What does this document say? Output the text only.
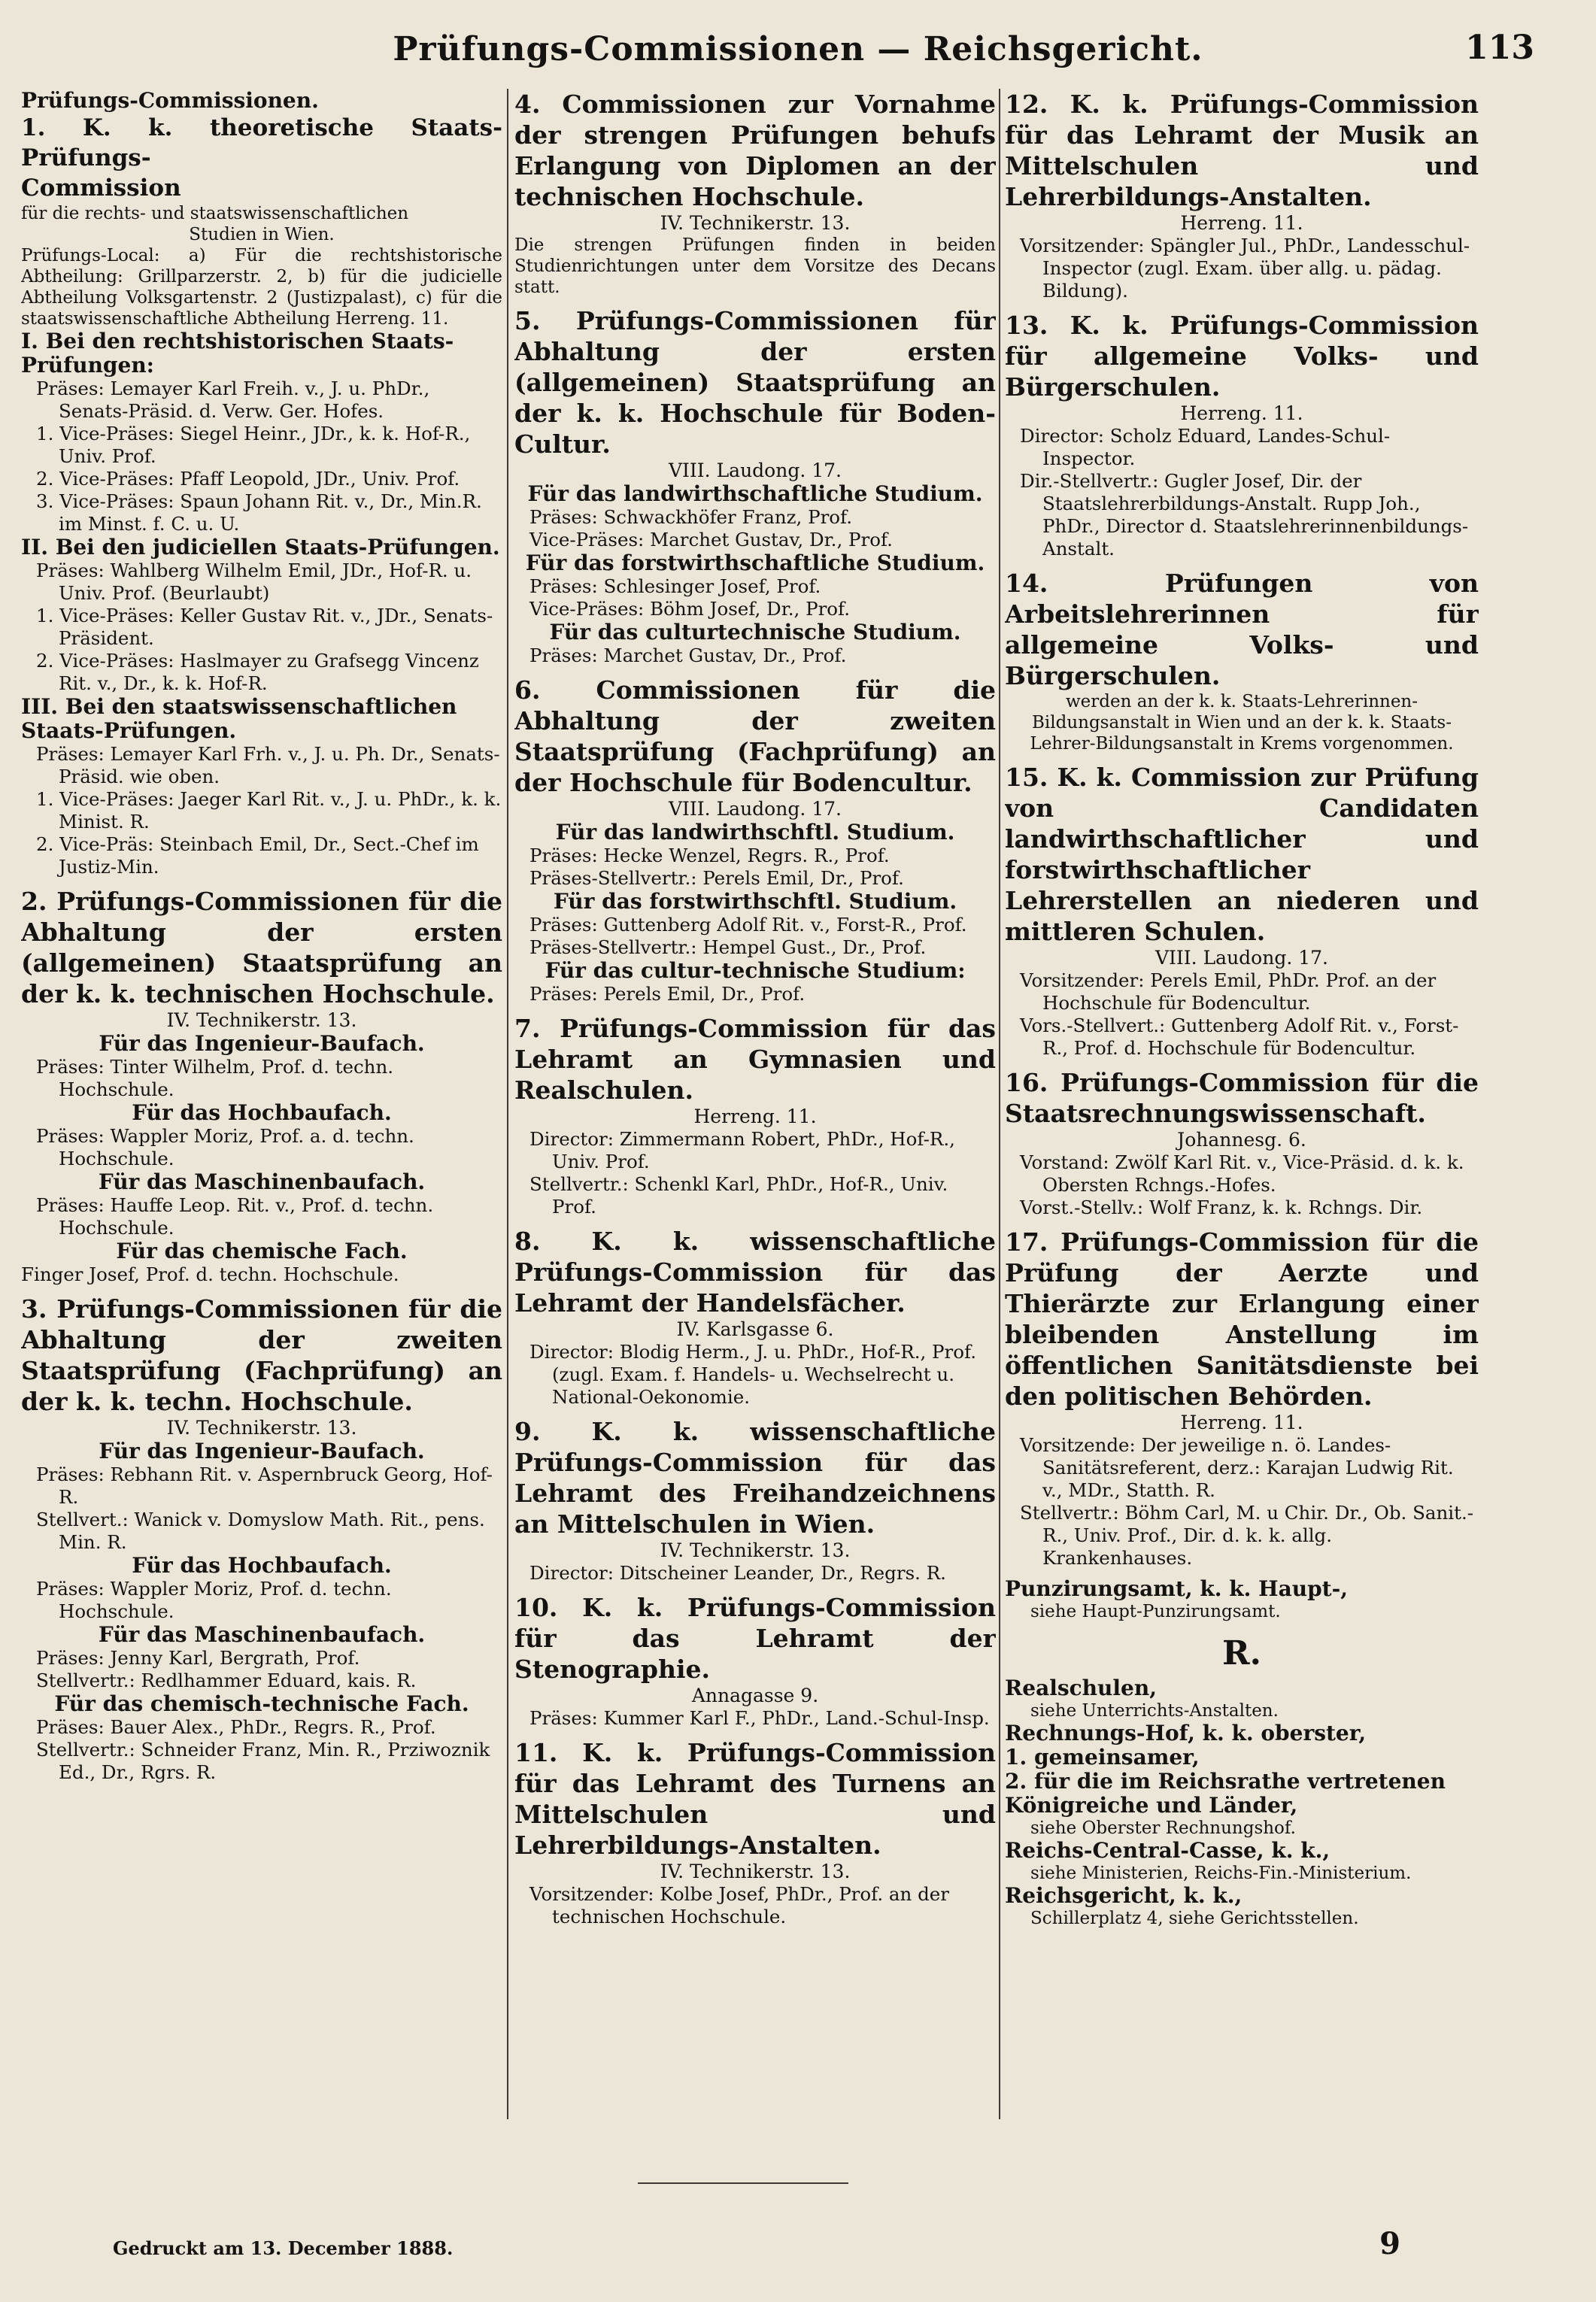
Prüfungs-Commissionen — Reichsgericht.	113
Prüfungs-Commissionen.
1. K. k. theoretische Staats-Prüfungs-
Commission
für die rechts- und staatswissenschaftlichen
Studien in Wien.
Prüfungs-Local: a) Für die rechtshistorische Abtheilung: Grillparzerstr. 2, b) für die judicielle Abtheilung Volksgartenstr. 2 (Justizpalast), c) für die staatswissenschaftliche Abtheilung Herreng. 11.
I. Bei den rechtshistorischen Staats-Prüfungen:
Präses: Lemayer Karl Freih. v., J. u. PhDr., Senats-Präsid. d. Verw. Ger. Hofes.
1. Vice-Präses: Siegel Heinr., JDr., k. k. Hof-R., Univ. Prof.
2. Vice-Präses: Pfaff Leopold, JDr., Univ. Prof.
3. Vice-Präses: Spaun Johann Rit. v., Dr., Min.R. im Minst. f. C. u. U.
II. Bei den judiciellen Staats-Prüfungen.
Präses: Wahlberg Wilhelm Emil, JDr., Hof-R. u. Univ. Prof. (Beurlaubt)
1. Vice-Präses: Keller Gustav Rit. v., JDr., Senats-Präsident.
2. Vice-Präses: Haslmayer zu Grafsegg Vincenz Rit. v., Dr., k. k. Hof-R.
III. Bei den staatswissenschaftlichen Staats-Prüfungen.
Präses: Lemayer Karl Frh. v., J. u. Ph. Dr., Senats-Präsid. wie oben.
1. Vice-Präses: Jaeger Karl Rit. v., J. u. PhDr., k. k. Minist. R.
2. Vice-Präs: Steinbach Emil, Dr., Sect.-Chef im Justiz-Min.
2. Prüfungs-Commissionen für die Abhaltung der ersten (allgemeinen) Staatsprüfung an der k. k. technischen Hochschule.
IV. Technikerstr. 13.
Für das Ingenieur-Baufach.
Präses: Tinter Wilhelm, Prof. d. techn. Hochschule.
Für das Hochbaufach.
Präses: Wappler Moriz, Prof. a. d. techn. Hochschule.
Für das Maschinenbaufach.
Präses: Hauffe Leop. Rit. v., Prof. d. techn. Hochschule.
Für das chemische Fach.
Finger Josef, Prof. d. techn. Hochschule.
3. Prüfungs-Commissionen für die Abhaltung der zweiten Staatsprüfung (Fachprüfung) an der k. k. techn. Hochschule.
IV. Technikerstr. 13.
Für das Ingenieur-Baufach.
Präses: Rebhann Rit. v. Aspernbruck Georg, Hof-R.
Stellvert.: Wanick v. Domyslow Math. Rit., pens. Min. R.
Für das Hochbaufach.
Präses: Wappler Moriz, Prof. d. techn. Hochschule.
Für das Maschinenbaufach.
Präses: Jenny Karl, Bergrath, Prof.
Stellvertr.: Redlhammer Eduard, kais. R.
Für das chemisch-technische Fach.
Präses: Bauer Alex., PhDr., Regrs. R., Prof.
Stellvertr.: Schneider Franz, Min. R., Prziwoznik Ed., Dr., Rgrs. R.
4. Commissionen zur Vornahme der strengen Prüfungen behufs Erlangung von Diplomen an der technischen Hochschule.
IV. Technikerstr. 13.
Die strengen Prüfungen finden in beiden Studienrichtungen unter dem Vorsitze des Decans statt.
5. Prüfungs-Commissionen für Abhaltung der ersten (allgemeinen) Staatsprüfung an der k. k. Hochschule für Boden-Cultur.
VIII. Laudong. 17.
Für das landwirthschaftliche Studium.
Präses: Schwackhöfer Franz, Prof.
Vice-Präses: Marchet Gustav, Dr., Prof.
Für das forstwirthschaftliche Studium.
Präses: Schlesinger Josef, Prof.
Vice-Präses: Böhm Josef, Dr., Prof.
Für das culturtechnische Studium.
Präses: Marchet Gustav, Dr., Prof.
6. Commissionen für die Abhaltung der zweiten Staatsprüfung (Fachprüfung) an der Hochschule für Bodencultur.
VIII. Laudong. 17.
Für das landwirthschftl. Studium.
Präses: Hecke Wenzel, Regrs. R., Prof.
Präses-Stellvertr.: Perels Emil, Dr., Prof.
Für das forstwirthschftl. Studium.
Präses: Guttenberg Adolf Rit. v., Forst-R., Prof.
Präses-Stellvertr.: Hempel Gust., Dr., Prof.
Für das cultur-technische Studium:
Präses: Perels Emil, Dr., Prof.
7. Prüfungs-Commission für das Lehramt an Gymnasien und Realschulen.
Herreng. 11.
Director: Zimmermann Robert, PhDr., Hof-R., Univ. Prof.
Stellvertr.: Schenkl Karl, PhDr., Hof-R., Univ. Prof.
8. K. k. wissenschaftliche Prüfungs-Commission für das Lehramt der Handelsfächer.
IV. Karlsgasse 6.
Director: Blodig Herm., J. u. PhDr., Hof-R., Prof. (zugl. Exam. f. Handels- u. Wechselrecht u. National-Oekonomie.
9. K. k. wissenschaftliche Prüfungs-Commission für das Lehramt des Freihandzeichnens an Mittelschulen in Wien.
IV. Technikerstr. 13.
Director: Ditscheiner Leander, Dr., Regrs. R.
10. K. k. Prüfungs-Commission für das Lehramt der Stenographie.
Annagasse 9.
Präses: Kummer Karl F., PhDr., Land.-Schul-Insp.
11. K. k. Prüfungs-Commission für das Lehramt des Turnens an Mittelschulen und Lehrerbildungs-Anstalten.
IV. Technikerstr. 13.
Vorsitzender: Kolbe Josef, PhDr., Prof. an der technischen Hochschule.
12. K. k. Prüfungs-Commission für das Lehramt der Musik an Mittelschulen und Lehrerbildungs-Anstalten.
Herreng. 11.
Vorsitzender: Spängler Jul., PhDr., Landesschul-Inspector (zugl. Exam. über allg. u. pädag. Bildung).
13. K. k. Prüfungs-Commission für allgemeine Volks- und Bürgerschulen.
Herreng. 11.
Director: Scholz Eduard, Landes-Schul-Inspector.
Dir.-Stellvertr.: Gugler Josef, Dir. der Staatslehrerbildungs-Anstalt. Rupp Joh., PhDr., Director d. Staatslehrerinnenbildungs-Anstalt.
14. Prüfungen von Arbeitslehrerinnen für allgemeine Volks- und Bürgerschulen.
werden an der k. k. Staats-Lehrerinnen-Bildungsanstalt in Wien und an der k. k. Staats-Lehrer-Bildungsanstalt in Krems vorgenommen.
15. K. k. Commission zur Prüfung von Candidaten landwirthschaftlicher und forstwirthschaftlicher Lehrerstellen an niederen und mittleren Schulen.
VIII. Laudong. 17.
Vorsitzender: Perels Emil, PhDr. Prof. an der Hochschule für Bodencultur.
Vors.-Stellvert.: Guttenberg Adolf Rit. v., Forst-R., Prof. d. Hochschule für Bodencultur.
16. Prüfungs-Commission für die Staatsrechnungswissenschaft.
Johannesg. 6.
Vorstand: Zwölf Karl Rit. v., Vice-Präsid. d. k. k. Obersten Rchngs.-Hofes.
Vorst.-Stellv.: Wolf Franz, k. k. Rchngs. Dir.
17. Prüfungs-Commission für die Prüfung der Aerzte und Thierärzte zur Erlangung einer bleibenden Anstellung im öffentlichen Sanitätsdienste bei den politischen Behörden.
Herreng. 11.
Vorsitzende: Der jeweilige n. ö. Landes-Sanitätsreferent, derz.: Karajan Ludwig Rit. v., MDr., Statth. R.
Stellvertr.: Böhm Carl, M. u Chir. Dr., Ob. Sanit.-R., Univ. Prof., Dir. d. k. k. allg. Krankenhauses.
Punzirungsamt, k. k. Haupt-,
siehe Haupt-Punzirungsamt.
R.
Realschulen,
siehe Unterrichts-Anstalten.
Rechnungs-Hof, k. k. oberster,
1. gemeinsamer,
2. für die im Reichsrathe vertretenen Königreiche und Länder,
siehe Oberster Rechnungshof.
Reichs-Central-Casse, k. k.,
siehe Ministerien, Reichs-Fin.-Ministerium.
Reichsgericht, k. k.,
Schillerplatz 4, siehe Gerichtsstellen.
Gedruckt am 13. December 1888.	9
